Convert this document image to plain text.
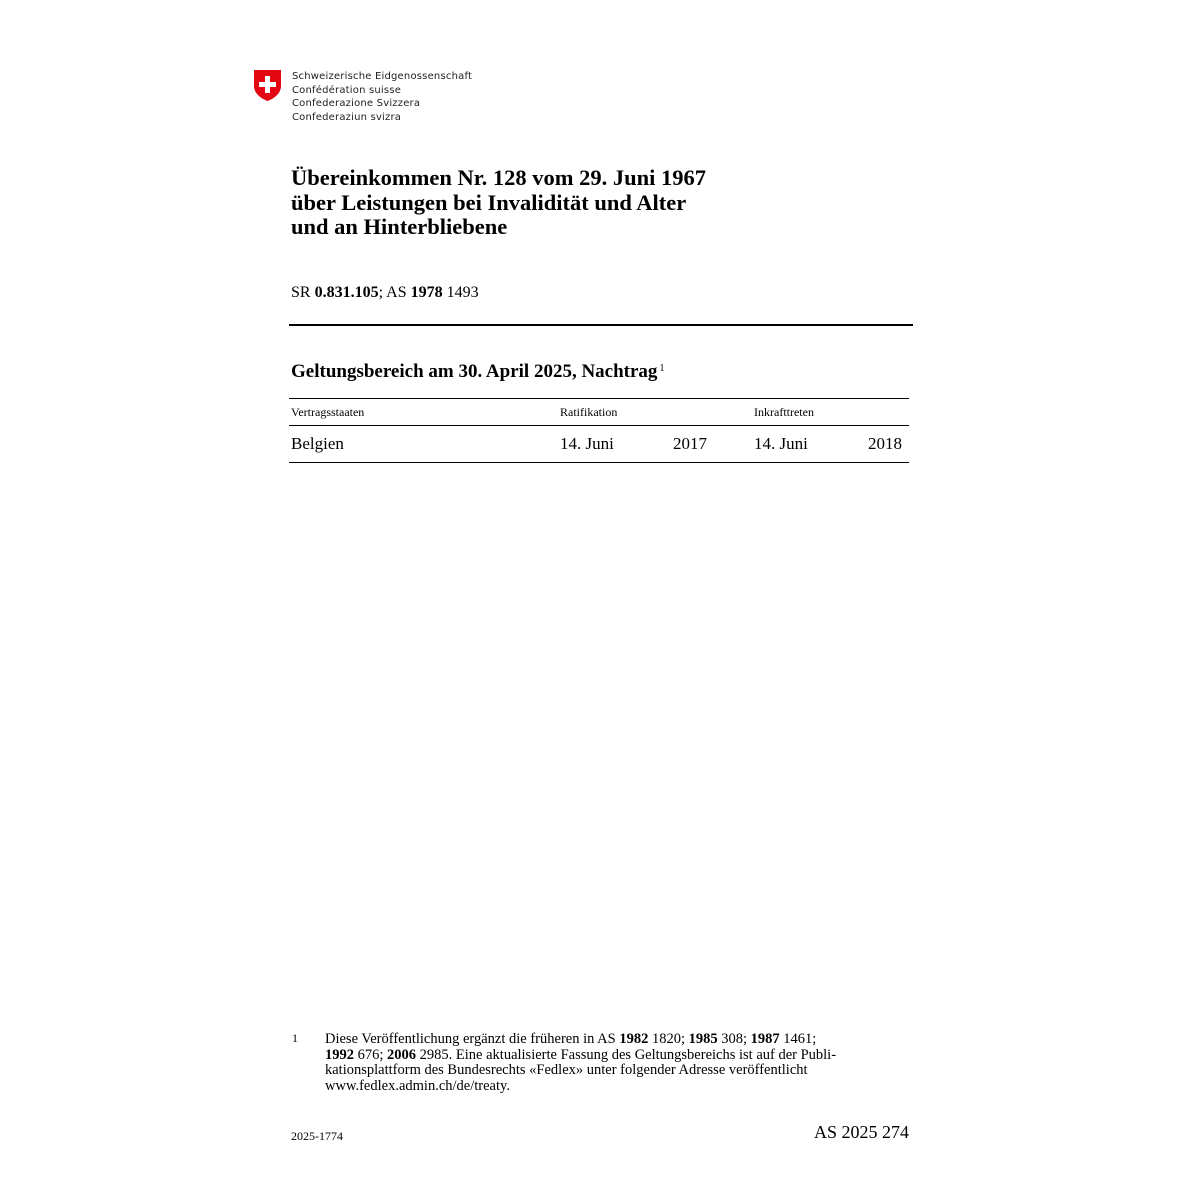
Schweizerische Eidgenossenschaft
Confédération suisse
Confederazione Svizzera
Confederaziun svizra
Übereinkommen Nr. 128 vom 29. Juni 1967
über Leistungen bei Invalidität und Alter
und an Hinterbliebene
SR 0.831.105; AS 1978 1493
Geltungsbereich am 30. April 2025, Nachtrag $^1$
Vertragsstaaten	Ratifikation	Inkrafttreten
Belgien	14. Juni	2017	14. Juni	2018
1 Diese Veröffentlichung ergänzt die früheren in AS 1982 1820; 1985 308; 1987 1461;
1992 676; 2006 2985. Eine aktualisierte Fassung des Geltungsbereichs ist auf der Publi-
kationsplattform des Bundesrechts «Fedlex» unter folgender Adresse veröffentlicht
www.fedlex.admin.ch/de/treaty.
2025-1774	AS 2025 274
